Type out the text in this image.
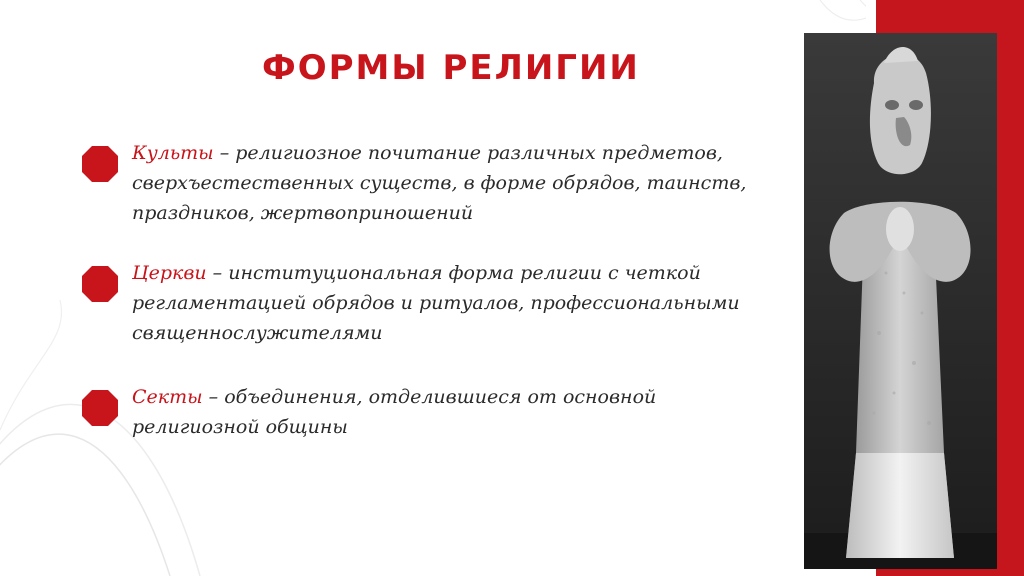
ФОРМЫ РЕЛИГИИ
Культы – религиозное почитание различных предметов, сверхъестественных существ, в форме обрядов, таинств, праздников, жертвоприношений
Церкви – институциональная форма религии с четкой регламентацией обрядов и ритуалов, профессиональными священнослужителями
Секты – объединения, отделившиеся от основной религиозной общины
